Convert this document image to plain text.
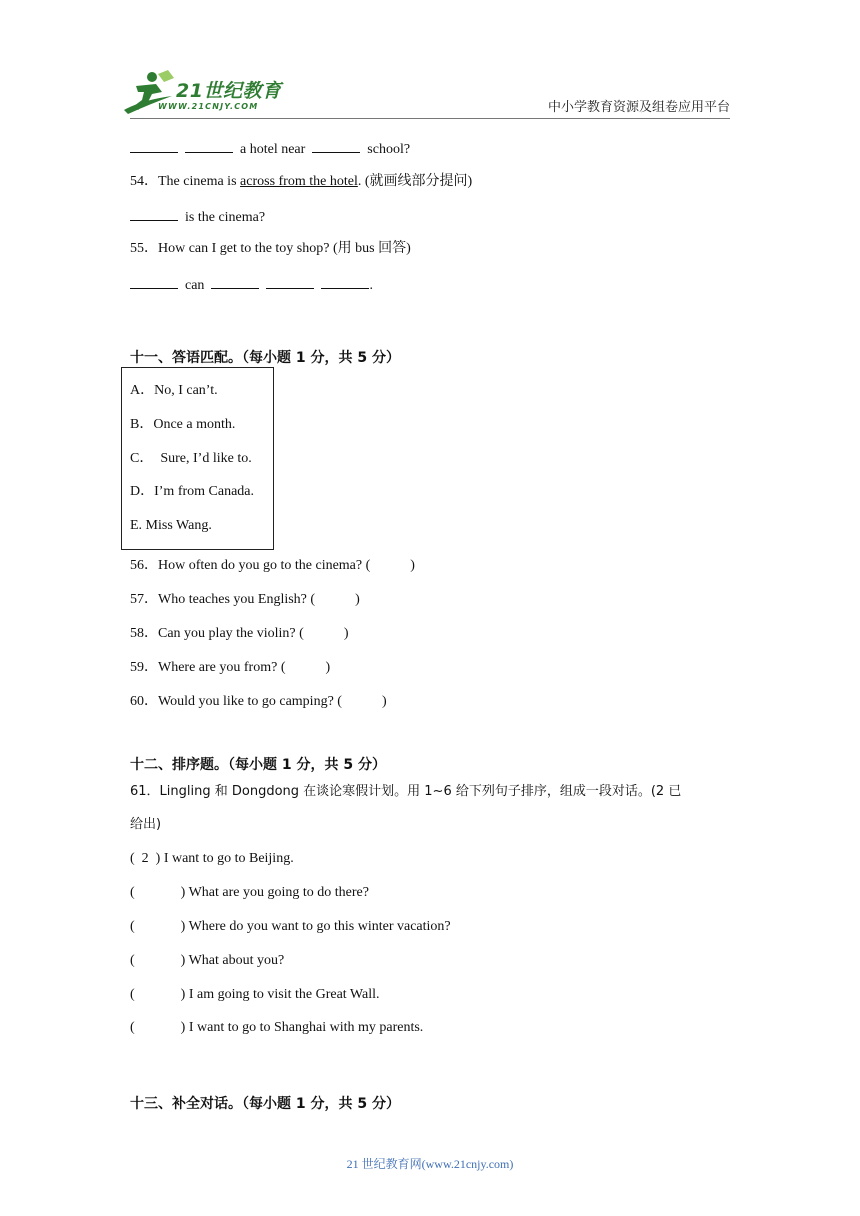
21世纪教育
WWW.21CNJY.COM	中小学教育资源及组卷应用平台
a hotel near	school?
54．The cinema is across from the hotel. (就画线部分提问)
is the cinema?
55．How can I get to the toy shop? (用 bus 回答)
can	.
十一、答语匹配。（每小题 1 分，共 5 分）
A．No, I can’t.
B．Once a month.
C．  Sure, I’d like to.
D．I’m from Canada.
E. Miss Wang.
56．How often do you go to the cinema? (	)
57．Who teaches you English? (	)
58．Can you play the violin? (	)
59．Where are you from? (	)
60．Would you like to go camping? (	)
十二、排序题。（每小题 1 分，共 5 分）
61．Lingling 和 Dongdong 在谈论寒假计划。用 1~6 给下列句子排序，组成一段对话。(2 已
给出)
(  2  ) I want to go to Beijing.
(	) What are you going to do there?
(	) Where do you want to go this winter vacation?
(	) What about you?
(	) I am going to visit the Great Wall.
(	) I want to go to Shanghai with my parents.
十三、补全对话。（每小题 1 分，共 5 分）
21 世纪教育网(www.21cnjy.com)
